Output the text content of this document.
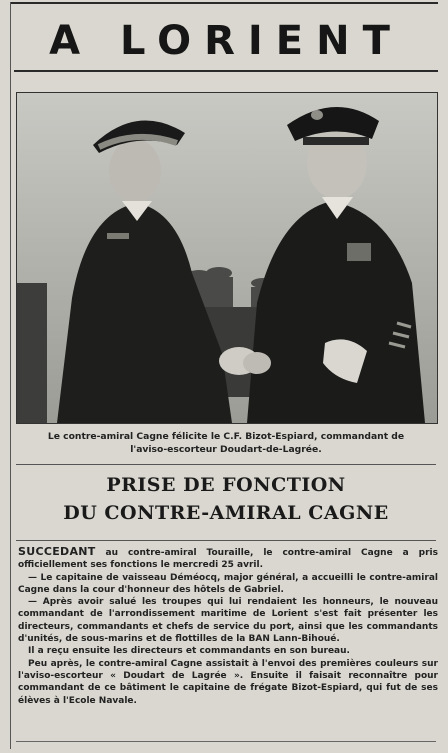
A LORIENT
Le contre-amiral Cagne félicite le C.F. Bizot-Espiard, commandant de
l'aviso-escorteur Doudart-de-Lagrée.
PRISE DE FONCTION
DU CONTRE-AMIRAL CAGNE

SUCCEDANT au contre-amiral Touraille, le contre-amiral Cagne a pris officiellement ses fonctions le mercredi 25 avril.

— Le capitaine de vaisseau Déméocq, major général, a accueilli le contre-amiral Cagne dans la cour d'honneur des hôtels de Gabriel.

— Après avoir salué les troupes qui lui rendaient les honneurs, le nouveau commandant de l'arrondissement maritime de Lorient s'est fait présenter les directeurs, commandants et chefs de service du port, ainsi que les commandants d'unités, de sous-marins et de flottilles de la BAN Lann-Bihoué.

Il a reçu ensuite les directeurs et commandants en son bureau.

Peu après, le contre-amiral Cagne assistait à l'envoi des premières couleurs sur l'aviso-escorteur « Doudart de Lagrée ». Ensuite il faisait reconnaître pour commandant de ce bâtiment le capitaine de frégate Bizot-Espiard, qui fut de ses élèves à l'Ecole Navale.
